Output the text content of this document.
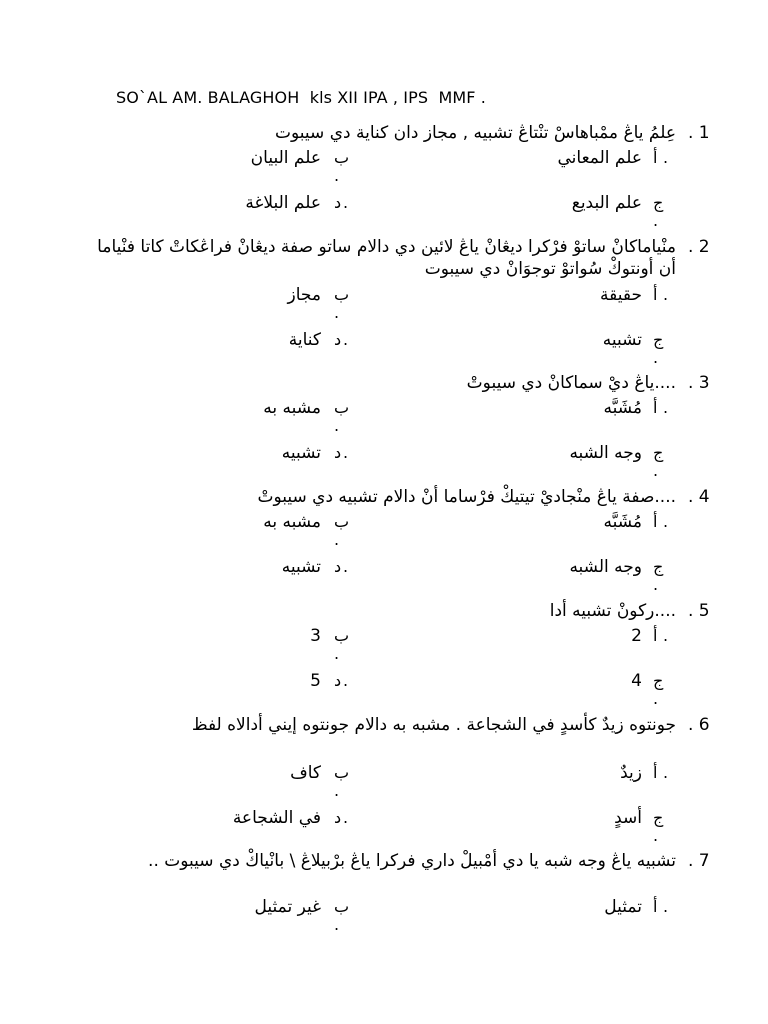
SO`AL AM. BALAGHOH  kls XII IPA , IPS  MMF .
. 1
عِلمُ ياڠ ممْباهاسْ تنْتاڠ تشبيه , مجاز دان كناية دي سيبوت
أ .
علم المعاني
ب
.
علم البيان
ج
.
علم البديع
د .
علم البلاغة
. 2
منْياماكانْ ساتوْ فرْكرا ديڠانْ ياڠ لائين دي دالام ساتو صفة ديڠانْ فراڠكاتْ كاتا فنْياما أن أونتوكْ سُواتوْ توجوَانْ دي سيبوت
أ .
حقيقة
ب
.
مجاز
ج
.
تشبيه
د .
كناية
. 3
....ياڠ ديْ سماكانْ دي سيبوتْ
أ .
مُشَبَّه
ب
.
مشبه به
ج
.
وجه الشبه
د .
تشبيه
. 4
....صفة ياڠ منْجاديْ تيتيكْ فرْساما أنْ دالام تشبيه دي سيبوتْ
أ .
مُشَبَّه
ب
.
مشبه به
ج
.
وجه الشبه
د .
تشبيه
. 5
....ركونْ تشبيه أدا
أ .
2
ب
.
3
ج
.
4
د .
5
. 6
جونتوه زيدٌ كأسدٍ في الشجاعة . مشبه به دالام جونتوه إيني أدالاه لفظ
أ .
زيدٌ
ب
.
كاف
ج
.
أسدٍ
د .
في الشجاعة
. 7
تشبيه ياڠ وجه شبه يا دي أمْبيلْ داري فركرا ياڠ برْبيلاڠ \ بانْياكْ دي سيبوت ..
أ .
تمثيل
ب
.
غير تمثيل
